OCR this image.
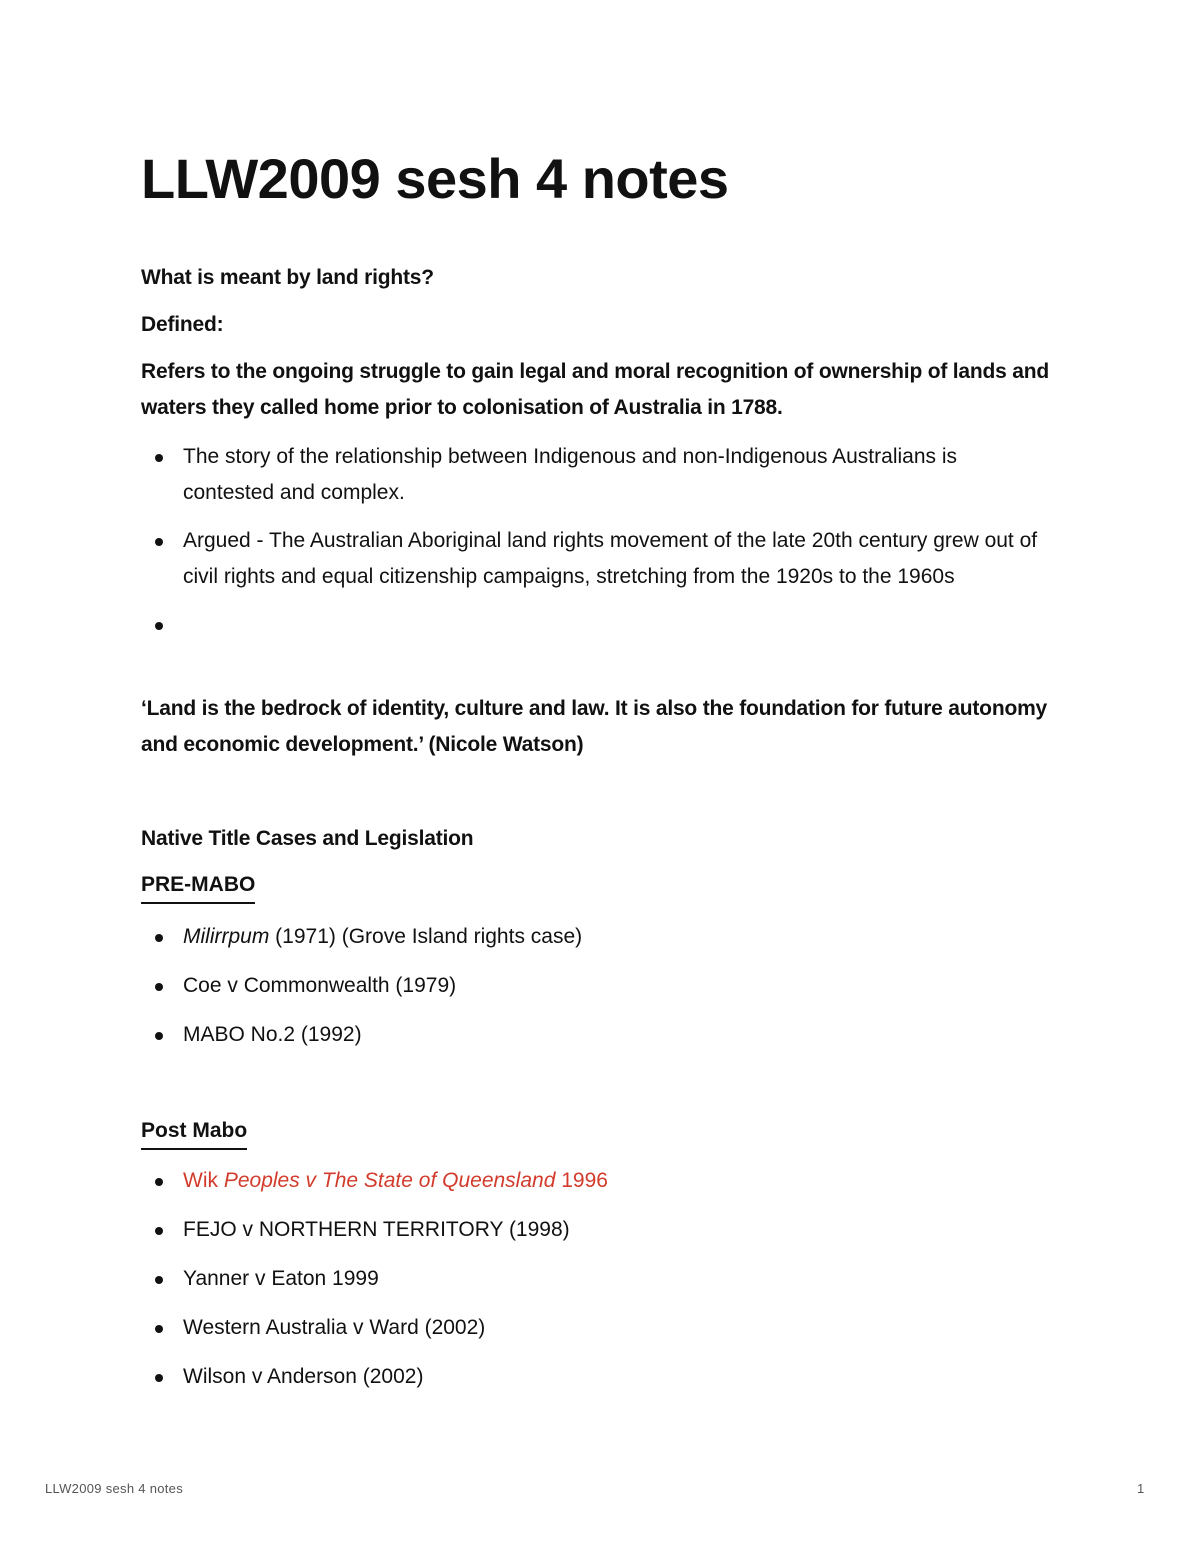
LLW2009 sesh 4 notes

What is meant by land rights?

Defined:

Refers to the ongoing struggle to gain legal and moral recognition of ownership of lands and waters they called home prior to colonisation of Australia in 1788.

The story of the relationship between Indigenous and non-Indigenous Australians is contested and complex.
Argued - The Australian Aboriginal land rights movement of the late 20th century grew out of civil rights and equal citizenship campaigns, stretching from the 1920s to the 1960s

‘Land is the bedrock of identity, culture and law. It is also the foundation for future autonomy and economic development.’ (Nicole Watson)

Native Title Cases and Legislation

PRE-MABO
Milirrpum (1971) (Grove Island rights case)
Coe v Commonwealth (1979)
MABO No.2 (1992)
Post Mabo
Wik Peoples v The State of Queensland 1996
FEJO v NORTHERN TERRITORY (1998)
Yanner v Eaton 1999
Western Australia v Ward (2002)
Wilson v Anderson (2002)
LLW2009 sesh 4 notes	1
